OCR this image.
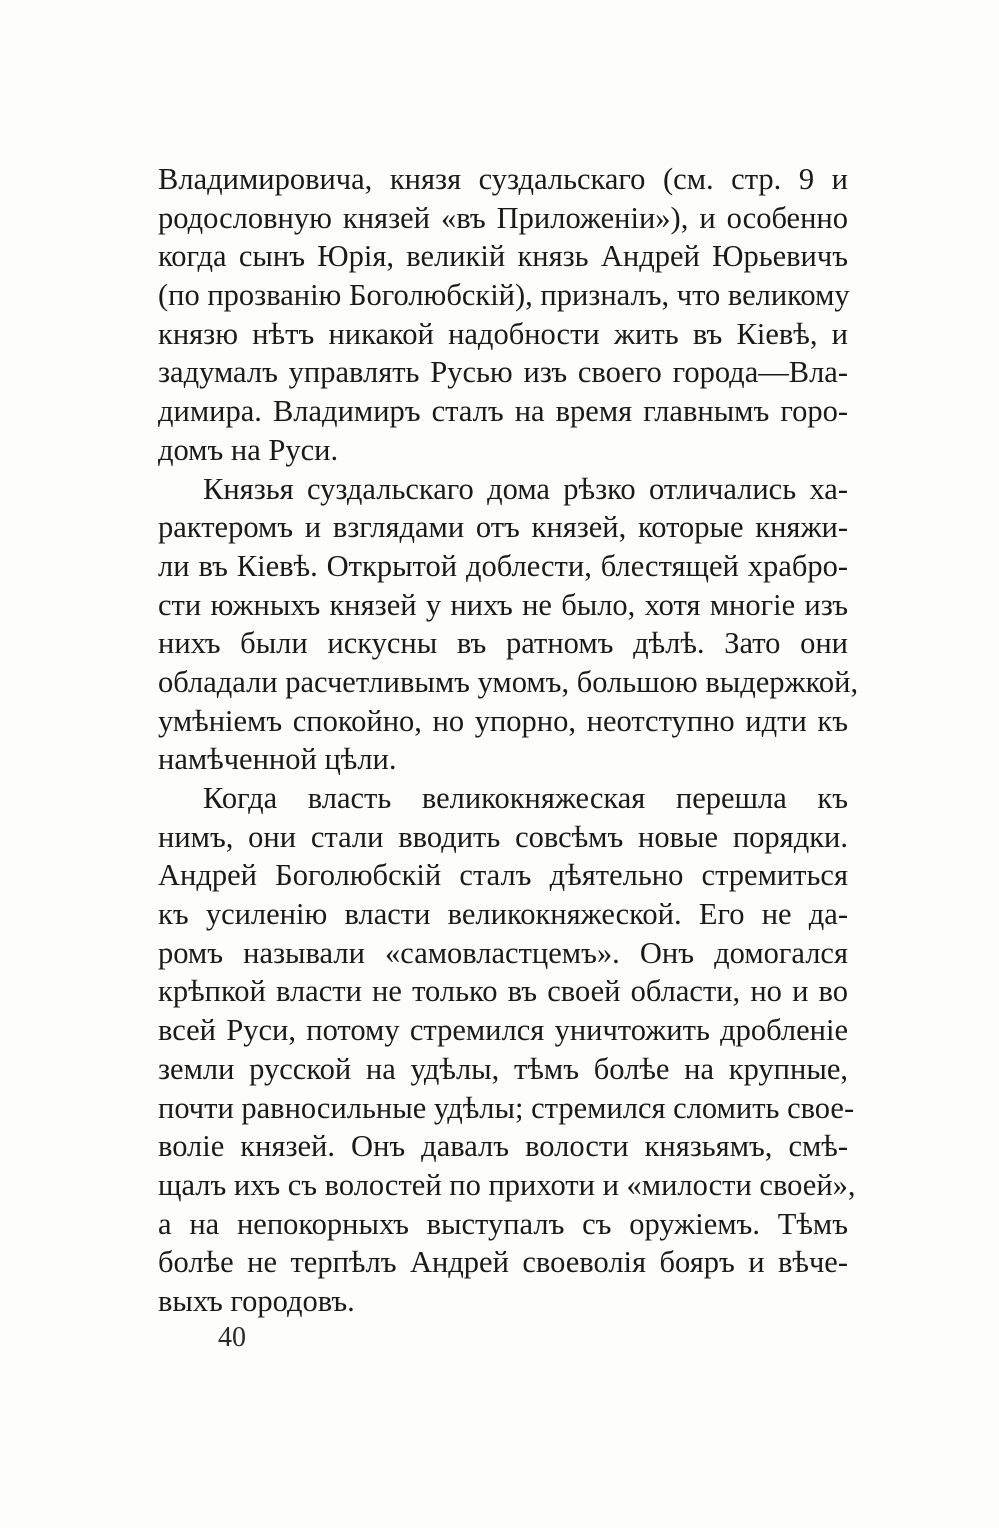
Владимировича, князя суздальскаго (см. стр. 9 и
родословную князей «въ Приложеніи»), и особенно
когда сынъ Юрія, великій князь Андрей Юрьевичъ
(по прозванію Боголюбскій), призналъ, что великому
князю нѣтъ никакой надобности жить въ Кіевѣ, и
задумалъ управлять Русью изъ своего города—Вла-
димира. Владимиръ сталъ на время главнымъ горо-
домъ на Руси.

Князья суздальскаго дома рѣзко отличались ха-
рактеромъ и взглядами отъ князей, которые княжи-
ли въ Кіевѣ. Открытой доблести, блестящей храбро-
сти южныхъ князей у нихъ не было, хотя многіе изъ
нихъ были искусны въ ратномъ дѣлѣ. Зато они
обладали расчетливымъ умомъ, большою выдержкой,
умѣніемъ спокойно, но упорно, неотступно идти къ
намѣченной цѣли.

Когда власть великокняжеская перешла къ
нимъ, они стали вводить совсѣмъ новые порядки.
Андрей Боголюбскій сталъ дѣятельно стремиться
къ усиленію власти великокняжеской. Его не да-
ромъ называли «самовластцемъ». Онъ домогался
крѣпкой власти не только въ своей области, но и во
всей Руси, потому стремился уничтожить дробленіе
земли русской на удѣлы, тѣмъ болѣе на крупные,
почти равносильные удѣлы; стремился сломить свое-
воліе князей. Онъ давалъ волости князьямъ, смѣ-
щалъ ихъ съ волостей по прихоти и «милости своей»,
а на непокорныхъ выступалъ съ оружіемъ. Тѣмъ
болѣе не терпѣлъ Андрей своеволія бояръ и вѣче-
выхъ городовъ.

40
